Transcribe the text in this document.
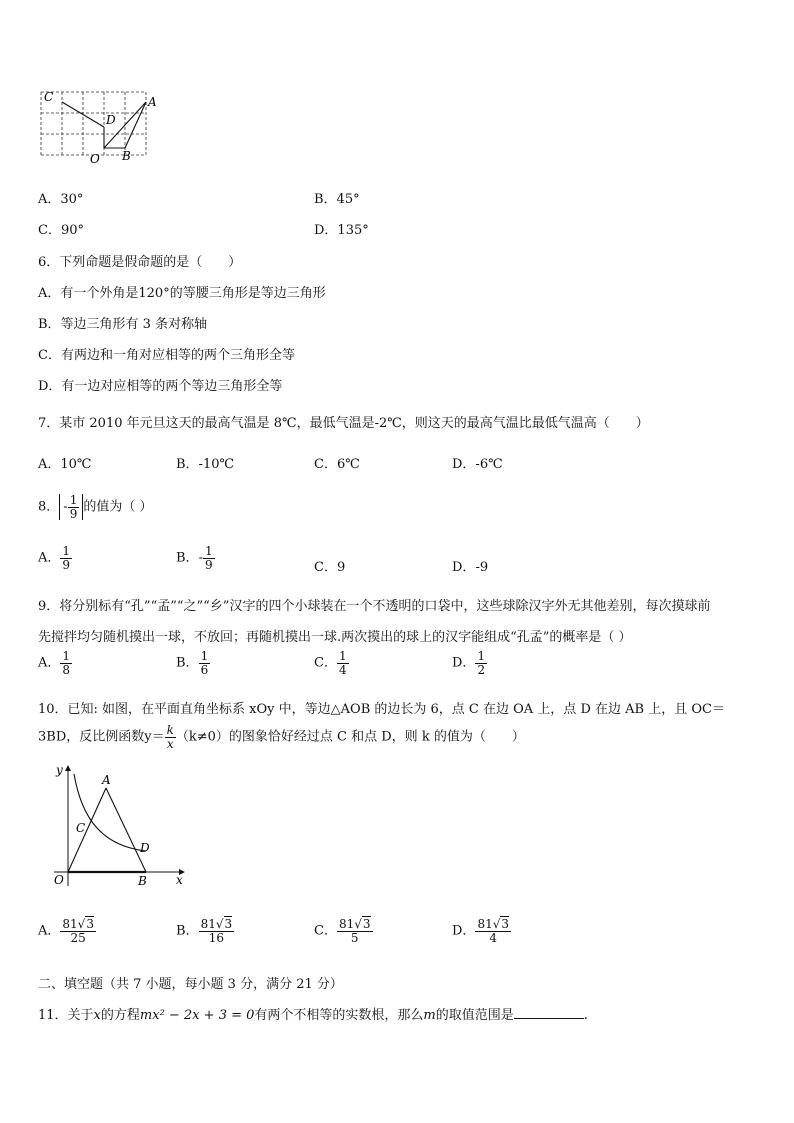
C	A
D
O B
A．30°	B．45°
C．90°	D．135°
6．下列命题是假命题的是（　　）
A．有一个外角是120°的等腰三角形是等边三角形
B．等边三角形有 3 条对称轴
C．有两边和一角对应相等的两个三角形全等
D．有一边对应相等的两个等边三角形全等
7．某市 2010 年元旦这天的最高气温是 8℃，最低气温是-2℃，则这天的最高气温比最低气温高（　　）
A．10℃	B．-10℃	C．6℃	D．-6℃
8． - $\frac{1}{9}$ 的值为（ ）
A． $\frac{1}{9}$	B．- $\frac{1}{9}$	C．9	D．-9
9．将分别标有“孔”“孟”“之”“乡”汉字的四个小球装在一个不透明的口袋中，这些球除汉字外无其他差别，每次摸球前
先搅拌均匀随机摸出一球，不放回；再随机摸出一球.两次摸出的球上的汉字能组成“孔孟”的概率是（ ）
A． $\frac{1}{8}$	B． $\frac{1}{6}$	C． $\frac{1}{4}$	D． $\frac{1}{2}$
10．已知: 如图，在平面直角坐标系 xOy 中，等边△AOB 的边长为 6，点 C 在边 OA 上，点 D 在边 AB 上，且 OC＝
3BD，反比例函数$y= \frac{k}{x} (k\ne 0)$的图象恰好经过点 C 和点 D，则 k 的值为（　　）
y
A
C
D
O	B x
A． $\frac{81√3}{25}$	B． $\frac{81√3}{16}$	C． $\frac{81√3}{5}$	D． $\frac{81√3}{4}$
二、填空题（共 7 小题，每小题 3 分，满分 21 分）
11．关于x的方程mx² − 2x + 3 = 0有两个不相等的实数根，那么m的取值范围是	.
